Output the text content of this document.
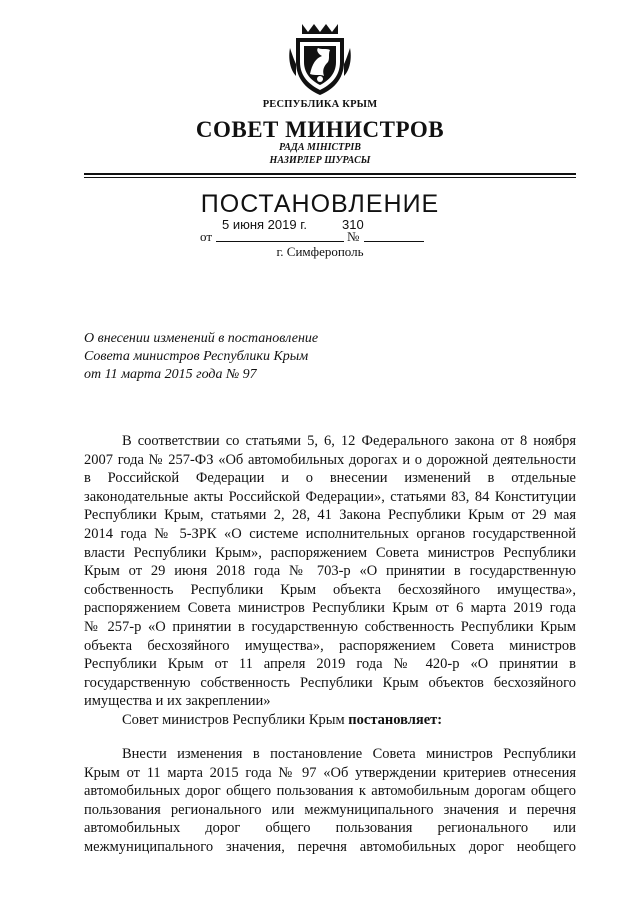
РЕСПУБЛИКА КРЫМ
СОВЕТ МИНИСТРОВ
РАДА МІНІСТРІВ
НАЗИРЛЕР ШУРАСЫ
ПОСТАНОВЛЕНИЕ
5 июня 2019 г.	310
от	№
г. Симферополь
О внесении изменений в постановление
Совета министров Республики Крым
от 11 марта 2015 года № 97
В соответствии со статьями 5, 6, 12 Федерального закона от 8 ноября
2007 года № 257-ФЗ «Об автомобильных дорогах и о дорожной деятельности
в Российской Федерации и о внесении изменений в отдельные
законодательные акты Российской Федерации», статьями 83, 84 Конституции
Республики Крым, статьями 2, 28, 41 Закона Республики Крым от 29 мая
2014 года № 5-ЗРК «О системе исполнительных органов государственной
власти Республики Крым», распоряжением Совета министров Республики
Крым от 29 июня 2018 года № 703-р «О принятии в государственную
собственность Республики Крым объекта бесхозяйного имущества»,
распоряжением Совета министров Республики Крым от 6 марта 2019 года
№ 257-р «О принятии в государственную собственность Республики Крым
объекта бесхозяйного имущества», распоряжением Совета министров
Республики Крым от 11 апреля 2019 года № 420-р «О принятии в
государственную собственность Республики Крым объектов бесхозяйного
имущества и их закреплении»
Совет министров Республики Крым постановляет:
Внести изменения в постановление Совета министров Республики
Крым от 11 марта 2015 года № 97 «Об утверждении критериев отнесения
автомобильных дорог общего пользования к автомобильным дорогам общего
пользования регионального или межмуниципального значения и перечня
автомобильных дорог общего пользования регионального или
межмуниципального значения, перечня автомобильных дорог необщего
